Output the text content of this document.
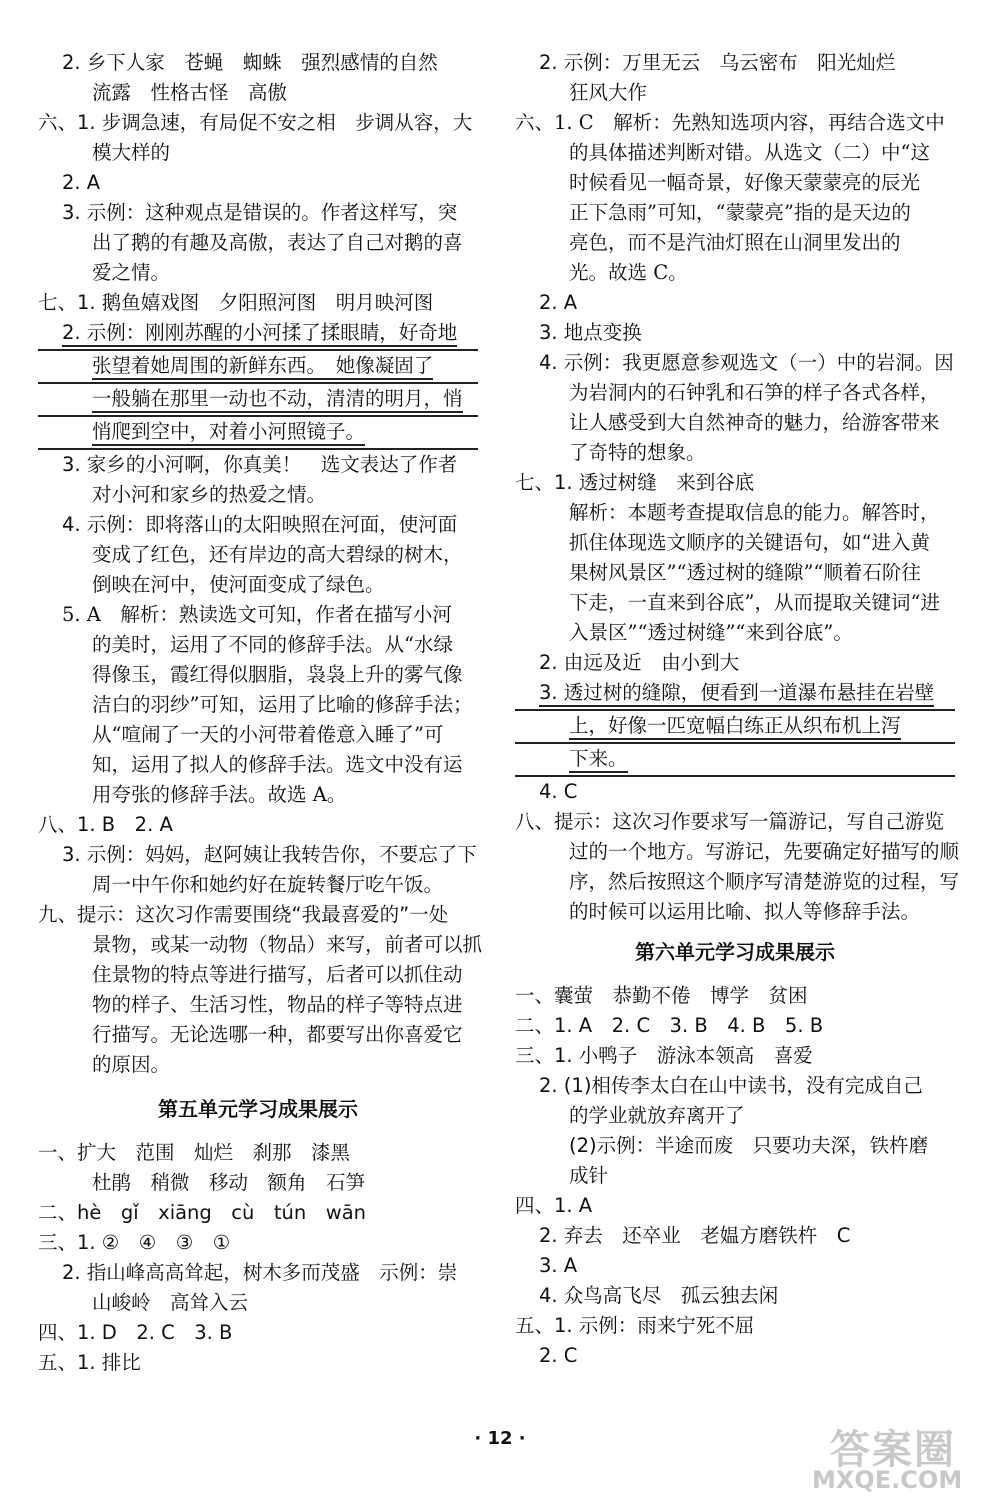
2. 乡下人家　苍蝇　蜘蛛　强烈感情的自然
流露　性格古怪　高傲
六、1. 步调急速，有局促不安之相　步调从容，大
模大样的
2. A
3. 示例：这种观点是错误的。作者这样写，突
出了鹅的有趣及高傲，表达了自己对鹅的喜
爱之情。
七、1. 鹅鱼嬉戏图　夕阳照河图　明月映河图
2. 示例：刚刚苏醒的小河揉了揉眼睛，好奇地
张望着她周围的新鲜东西。　她像凝固了
一般躺在那里一动也不动，清清的明月，悄
悄爬到空中，对着小河照镜子。
3. 家乡的小河啊，你真美！　选文表达了作者
对小河和家乡的热爱之情。
4. 示例：即将落山的太阳映照在河面，使河面
变成了红色，还有岸边的高大碧绿的树木，
倒映在河中，使河面变成了绿色。
5. A　解析：熟读选文可知，作者在描写小河
的美时，运用了不同的修辞手法。从“水绿
得像玉，霞红得似胭脂，袅袅上升的雾气像
洁白的羽纱”可知，运用了比喻的修辞手法；
从“喧闹了一天的小河带着倦意入睡了”可
知，运用了拟人的修辞手法。选文中没有运
用夸张的修辞手法。故选 A。
八、1. B　2. A
3. 示例：妈妈，赵阿姨让我转告你，不要忘了下
周一中午你和她约好在旋转餐厅吃午饭。
九、提示：这次习作需要围绕“我最喜爱的”一处
景物，或某一动物（物品）来写，前者可以抓
住景物的特点等进行描写，后者可以抓住动
物的样子、生活习性，物品的样子等特点进
行描写。无论选哪一种，都要写出你喜爱它
的原因。
第五单元学习成果展示
一、扩大　范围　灿烂　刹那　漆黑
杜鹃　稍微　移动　额角　石笋
二、hè　gǐ　xiāng　cù　tún　wān
三、1. ②　④　③　①
2. 指山峰高高耸起，树木多而茂盛　示例：崇
山峻岭　高耸入云
四、1. D　2. C　3. B
五、1. 排比
2. 示例：万里无云　乌云密布　阳光灿烂
狂风大作
六、1. C　解析：先熟知选项内容，再结合选文中
的具体描述判断对错。从选文（二）中“这
时候看见一幅奇景，好像天蒙蒙亮的辰光
正下急雨”可知，“蒙蒙亮”指的是天边的
亮色，而不是汽油灯照在山洞里发出的
光。故选 C。
2. A
3. 地点变换
4. 示例：我更愿意参观选文（一）中的岩洞。因
为岩洞内的石钟乳和石笋的样子各式各样，
让人感受到大自然神奇的魅力，给游客带来
了奇特的想象。
七、1. 透过树缝　来到谷底
解析：本题考查提取信息的能力。解答时，
抓住体现选文顺序的关键语句，如“进入黄
果树风景区”“透过树的缝隙”“顺着石阶往
下走，一直来到谷底”，从而提取关键词“进
入景区”“透过树缝”“来到谷底”。
2. 由远及近　由小到大
3. 透过树的缝隙，便看到一道瀑布悬挂在岩壁
上，好像一匹宽幅白练正从织布机上泻
下来。
4. C
八、提示：这次习作要求写一篇游记，写自己游览
过的一个地方。写游记，先要确定好描写的顺
序，然后按照这个顺序写清楚游览的过程，写
的时候可以运用比喻、拟人等修辞手法。
第六单元学习成果展示
一、囊萤　恭勤不倦　博学　贫困
二、1. A　2. C　3. B　4. B　5. B
三、1. 小鸭子　游泳本领高　喜爱
2. (1)相传李太白在山中读书，没有完成自己
的学业就放弃离开了
(2)示例：半途而废　只要功夫深，铁杵磨
成针
四、1. A
2. 弃去　还卒业　老媪方磨铁杵　C
3. A
4. 众鸟高飞尽　孤云独去闲
五、1. 示例：雨来宁死不屈
2. C
· 12 ·	答案圈
MXQE.COM
